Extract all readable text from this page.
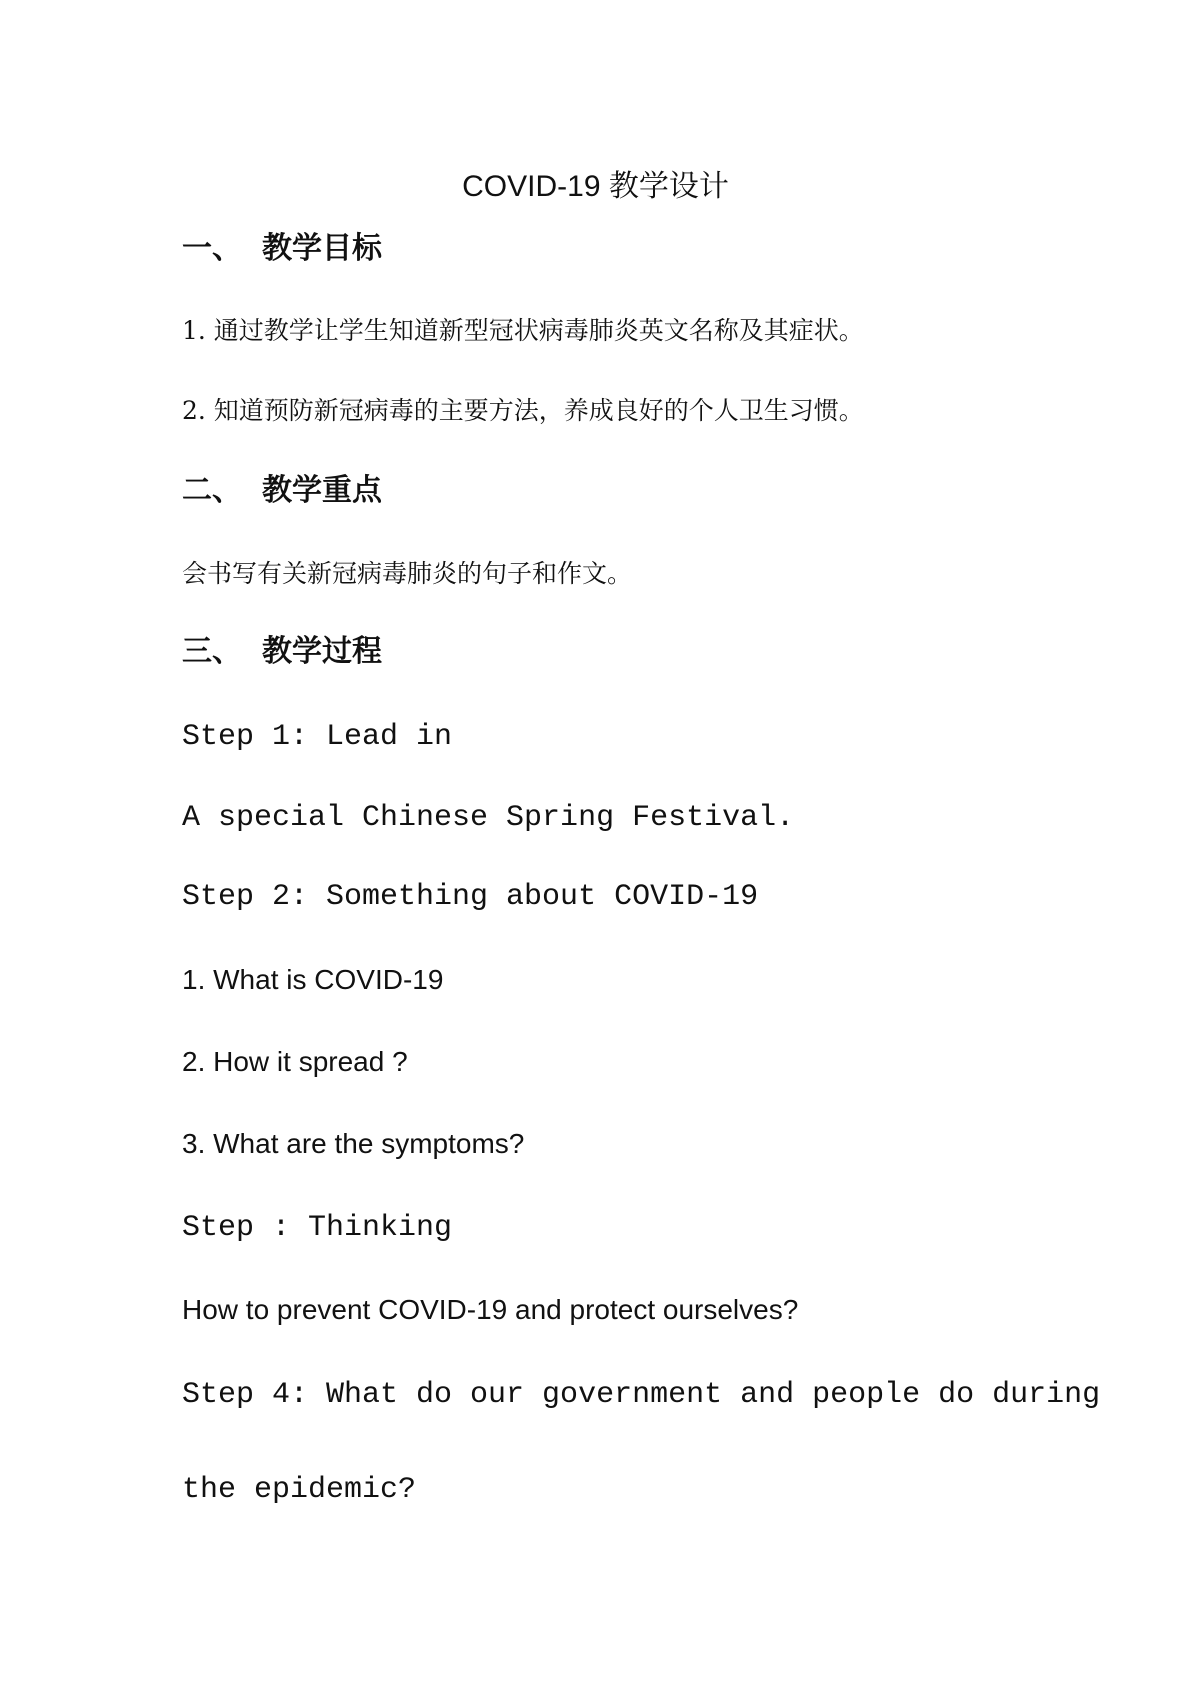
COVID-19 教学设计
一、 教学目标
1. 通过教学让学生知道新型冠状病毒肺炎英文名称及其症状。
2. 知道预防新冠病毒的主要方法，养成良好的个人卫生习惯。
二、 教学重点
会书写有关新冠病毒肺炎的句子和作文。
三、 教学过程
Step 1: Lead in
A special Chinese Spring Festival.
Step 2: Something about COVID-19
1. What is COVID-19
2. How it spread ?
3. What are the symptoms?
Step : Thinking
How to prevent COVID-19 and protect ourselves?
Step 4: What do our government and people do during
the epidemic?
